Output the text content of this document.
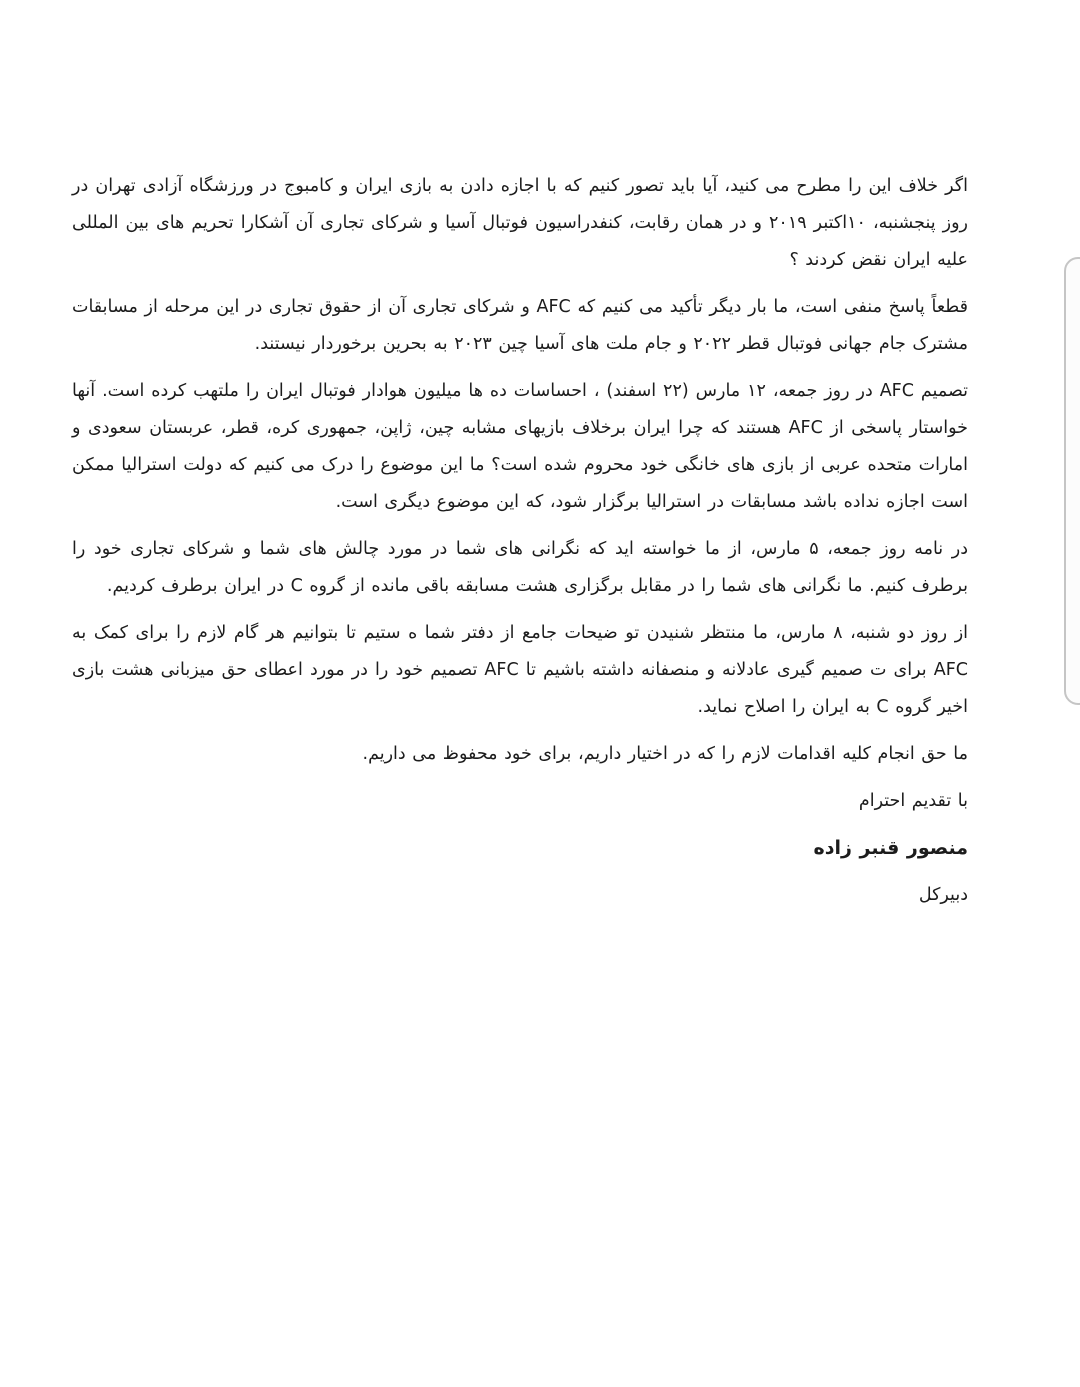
اگر خلاف این را مطرح می کنید، آیا باید تصور کنیم که با اجازه دادن به بازی ایران و کامبوج در ورزشگاه آزادی تهران در روز پنجشنبه، ۱۰اکتبر ۲۰۱۹ و در همان رقابت، کنفدراسیون فوتبال آسیا و شرکای تجاری آن آشکارا تحریم های بین المللی علیه ایران نقض کردند ؟

قطعاً پاسخ منفی است، ما بار دیگر تأکید می کنیم که AFC و شرکای تجاری آن از حقوق تجاری در این مرحله از مسابقات مشترک جام جهانی فوتبال قطر ۲۰۲۲ و جام ملت های آسیا چین ۲۰۲۳ به بحرین برخوردار نیستند.

تصمیم AFC در روز جمعه، ۱۲ مارس (۲۲ اسفند) ، احساسات ده ها میلیون هوادار فوتبال ایران را ملتهب کرده است. آنها خواستار پاسخی از AFC هستند که چرا ایران برخلاف بازیهای مشابه چین، ژاپن، جمهوری کره، قطر، عربستان سعودی و امارات متحده عربی از بازی های خانگی خود محروم شده است؟ ما این موضوع را درک می کنیم که دولت استرالیا ممکن است اجازه نداده باشد مسابقات در استرالیا برگزار شود، که این موضوع دیگری است.

در نامه روز جمعه، ۵ مارس، از ما خواسته اید که نگرانی های شما در مورد چالش های شما و شرکای تجاری خود را برطرف کنیم. ما نگرانی های شما را در مقابل برگزاری هشت مسابقه باقی مانده از گروه C در ایران برطرف کردیم.

از روز دو شنبه، ۸ مارس، ما منتظر شنیدن تو ضیحات جامع از دفتر شما ه ستیم تا بتوانیم هر گام لازم را برای کمک به AFC برای ت صمیم گیری عادلانه و منصفانه داشته باشیم تا AFC تصمیم خود را در مورد اعطای حق میزبانی هشت بازی اخیر گروه C به ایران را اصلاح نماید.

ما حق انجام کلیه اقدامات لازم را که در اختیار داریم، برای خود محفوظ می داریم.

با تقدیم احترام

منصور قنبر زاده

دبیرکل
